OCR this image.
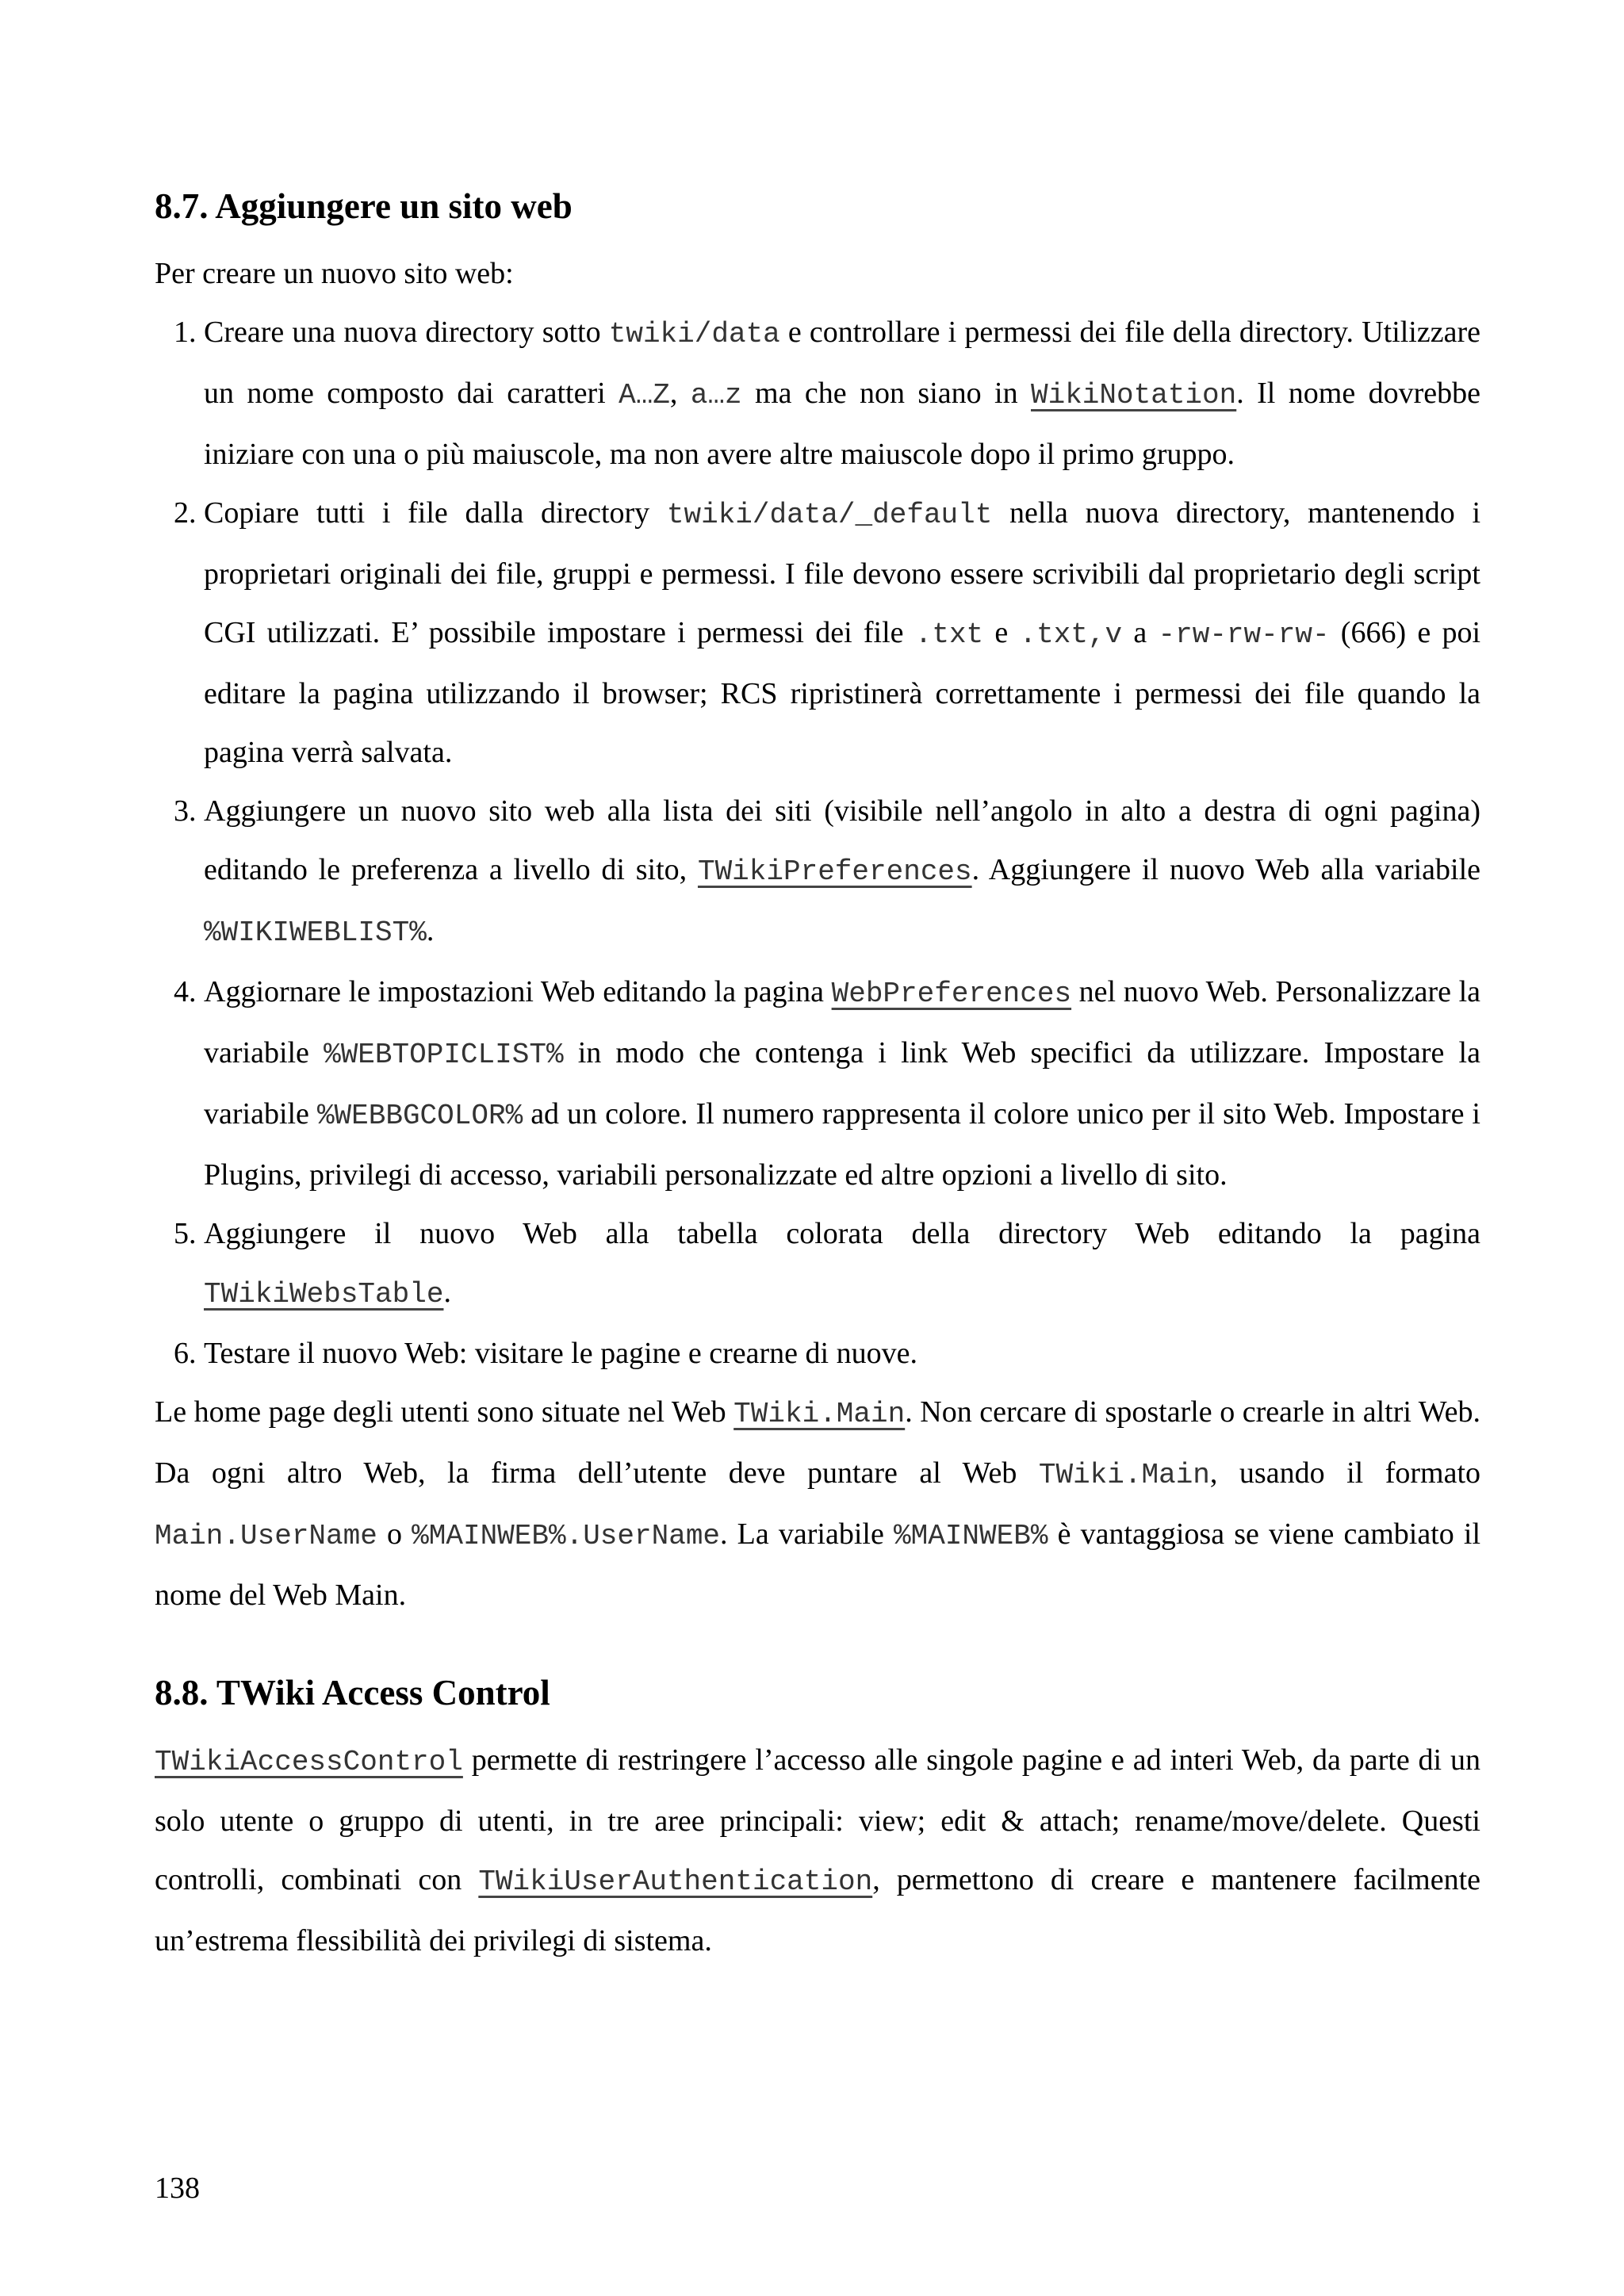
8.7. Aggiungere un sito web

Per creare un nuovo sito web:

1. Creare una nuova directory sotto twiki/data e controllare i permessi dei file della directory. Utilizzare un nome composto dai caratteri A…Z, a…z ma che non siano in WikiNotation. Il nome dovrebbe iniziare con una o più maiuscole, ma non avere altre maiuscole dopo il primo gruppo.
2. Copiare tutti i file dalla directory twiki/data/_default nella nuova directory, mantenendo i proprietari originali dei file, gruppi e permessi. I file devono essere scrivibili dal proprietario degli script CGI utilizzati. E’ possibile impostare i permessi dei file .txt e .txt,v a -rw-rw-rw- (666) e poi editare la pagina utilizzando il browser; RCS ripristinerà correttamente i permessi dei file quando la pagina verrà salvata.
3. Aggiungere un nuovo sito web alla lista dei siti (visibile nell’angolo in alto a destra di ogni pagina) editando le preferenza a livello di sito, TWikiPreferences. Aggiungere il nuovo Web alla variabile %WIKIWEBLIST%.
4. Aggiornare le impostazioni Web editando la pagina WebPreferences nel nuovo Web. Personalizzare la variabile %WEBTOPICLIST% in modo che contenga i link Web specifici da utilizzare. Impostare la variabile %WEBBGCOLOR% ad un colore. Il numero rappresenta il colore unico per il sito Web. Impostare i Plugins, privilegi di accesso, variabili personalizzate ed altre opzioni a livello di sito.
5. Aggiungere il nuovo Web alla tabella colorata della directory Web editando la pagina TWikiWebsTable.
6. Testare il nuovo Web: visitare le pagine e crearne di nuove.

Le home page degli utenti sono situate nel Web TWiki.Main. Non cercare di spostarle o crearle in altri Web. Da ogni altro Web, la firma dell’utente deve puntare al Web TWiki.Main, usando il formato Main.UserName o %MAINWEB%.UserName. La variabile %MAINWEB% è vantaggiosa se viene cambiato il nome del Web Main.

8.8. TWiki Access Control

TWikiAccessControl permette di restringere l’accesso alle singole pagine e ad interi Web, da parte di un solo utente o gruppo di utenti, in tre aree principali: view; edit & attach; rename/move/delete. Questi controlli, combinati con TWikiUserAuthentication, permettono di creare e mantenere facilmente un’estrema flessibilità dei privilegi di sistema.

138
